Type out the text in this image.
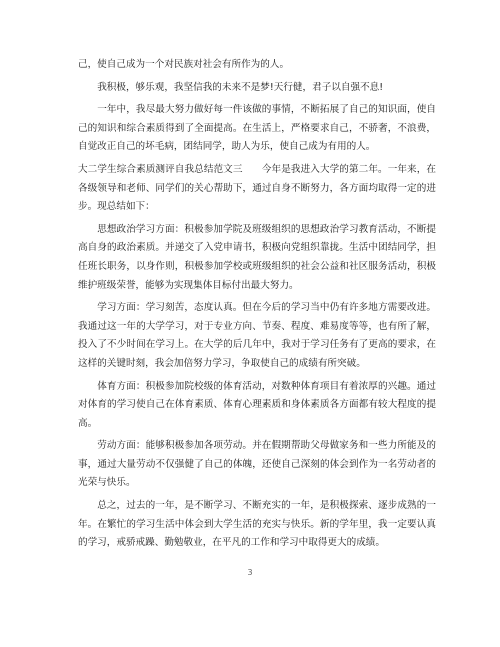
己，使自己成为一个对民族对社会有所作为的人。

我积极，够乐观，我坚信我的未来不是梦!天行健，君子以自强不息!

一年中，我尽最大努力做好每一件该做的事情，不断拓展了自己的知识面，使自己的知识和综合素质得到了全面提高。在生活上，严格要求自己，不骄奢，不浪费，自觉改正自己的坏毛病，团结同学，助人为乐，使自己成为有用的人。

大二学生综合素质测评自我总结范文三　　今年是我进入大学的第二年。一年来，在各级领导和老师、同学们的关心帮助下，通过自身不断努力，各方面均取得一定的进步。现总结如下：

思想政治学习方面：积极参加学院及班级组织的思想政治学习教育活动，不断提高自身的政治素质。并递交了入党申请书，积极向党组织靠拢。生活中团结同学，担任班长职务，以身作则，积极参加学校或班级组织的社会公益和社区服务活动，积极维护班级荣誉，能够为实现集体目标付出最大努力。

学习方面：学习刻苦，态度认真。但在今后的学习当中仍有许多地方需要改进。我通过这一年的大学学习，对于专业方向、节奏、程度、难易度等等，也有所了解，投入了不少时间在学习上。在大学的后几年中，我对于学习任务有了更高的要求，在这样的关键时刻，我会加倍努力学习，争取使自己的成绩有所突破。

体育方面：积极参加院校级的体育活动，对数种体育项目有着浓厚的兴趣。通过对体育的学习使自己在体育素质、体育心理素质和身体素质各方面都有较大程度的提高。

劳动方面：能够积极参加各项劳动。并在假期帮助父母做家务和一些力所能及的事，通过大量劳动不仅强健了自己的体魄，还使自己深刻的体会到作为一名劳动者的光荣与快乐。

总之，过去的一年，是不断学习、不断充实的一年，是积极探索、逐步成熟的一年。在繁忙的学习生活中体会到大学生活的充实与快乐。新的学年里，我一定要认真的学习，戒骄戒躁、勤勉敬业，在平凡的工作和学习中取得更大的成绩。

3
